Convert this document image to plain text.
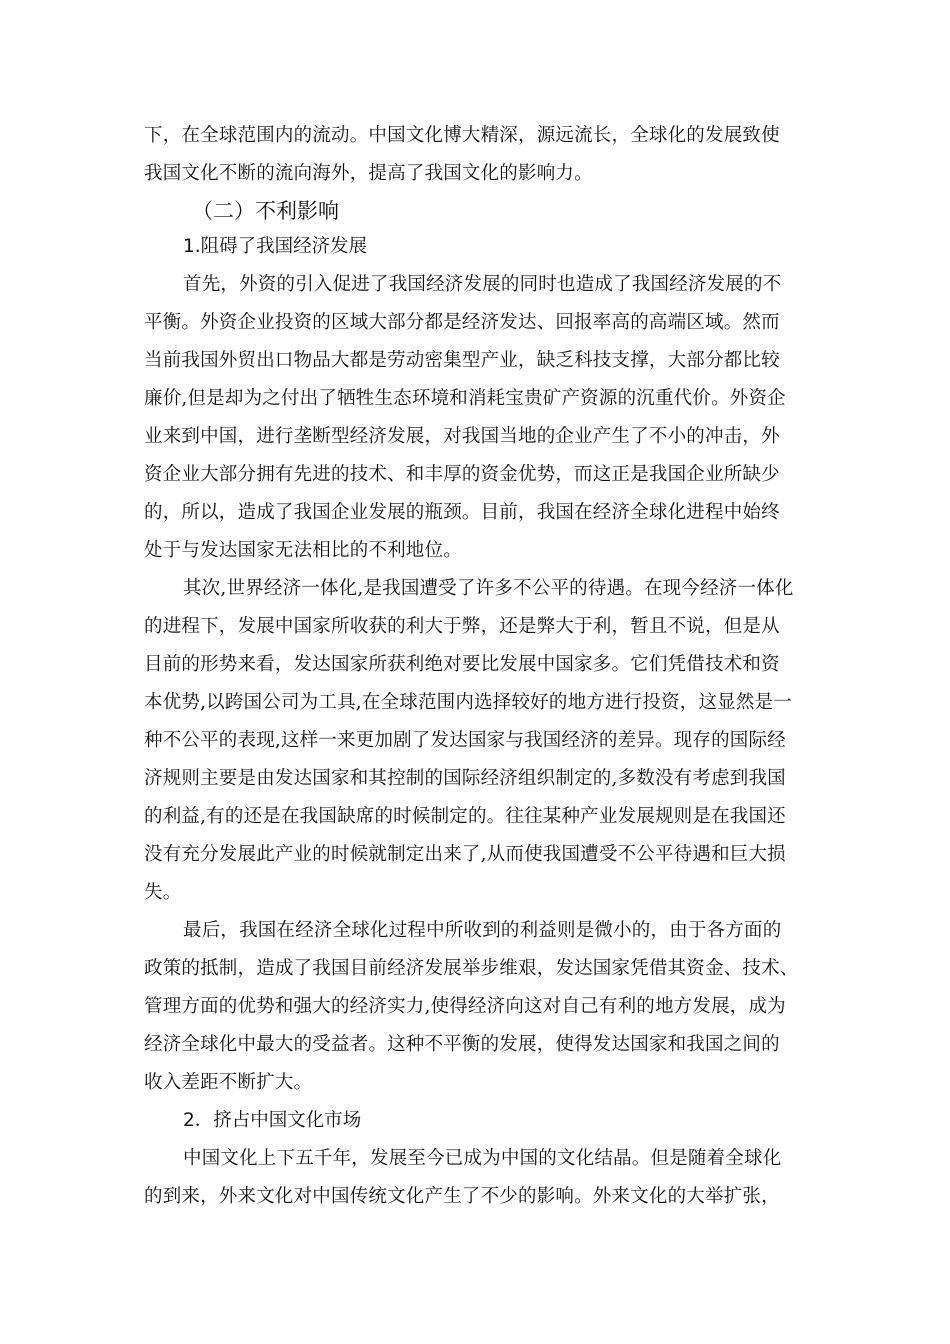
下，在全球范围内的流动。中国文化博大精深，源远流长，全球化的发展致使
我国文化不断的流向海外，提高了我国文化的影响力。
（二）不利影响
1.阻碍了我国经济发展
首先，外资的引入促进了我国经济发展的同时也造成了我国经济发展的不
平衡。外资企业投资的区域大部分都是经济发达、回报率高的高端区域。然而
当前我国外贸出口物品大都是劳动密集型产业，缺乏科技支撑，大部分都比较
廉价,但是却为之付出了牺牲生态环境和消耗宝贵矿产资源的沉重代价。外资企
业来到中国，进行垄断型经济发展，对我国当地的企业产生了不小的冲击，外
资企业大部分拥有先进的技术、和丰厚的资金优势，而这正是我国企业所缺少
的，所以，造成了我国企业发展的瓶颈。目前，我国在经济全球化进程中始终
处于与发达国家无法相比的不利地位。
其次,世界经济一体化,是我国遭受了许多不公平的待遇。在现今经济一体化
的进程下，发展中国家所收获的利大于弊，还是弊大于利，暂且不说，但是从
目前的形势来看，发达国家所获利绝对要比发展中国家多。它们凭借技术和资
本优势,以跨国公司为工具,在全球范围内选择较好的地方进行投资，这显然是一
种不公平的表现,这样一来更加剧了发达国家与我国经济的差异。现存的国际经
济规则主要是由发达国家和其控制的国际经济组织制定的,多数没有考虑到我国
的利益,有的还是在我国缺席的时候制定的。往往某种产业发展规则是在我国还
没有充分发展此产业的时候就制定出来了,从而使我国遭受不公平待遇和巨大损
失。
最后，我国在经济全球化过程中所收到的利益则是微小的，由于各方面的
政策的抵制，造成了我国目前经济发展举步维艰，发达国家凭借其资金、技术、
管理方面的优势和强大的经济实力,使得经济向这对自己有利的地方发展，成为
经济全球化中最大的受益者。这种不平衡的发展，使得发达国家和我国之间的
收入差距不断扩大。
2．挤占中国文化市场
中国文化上下五千年，发展至今已成为中国的文化结晶。但是随着全球化
的到来，外来文化对中国传统文化产生了不少的影响。外来文化的大举扩张，
